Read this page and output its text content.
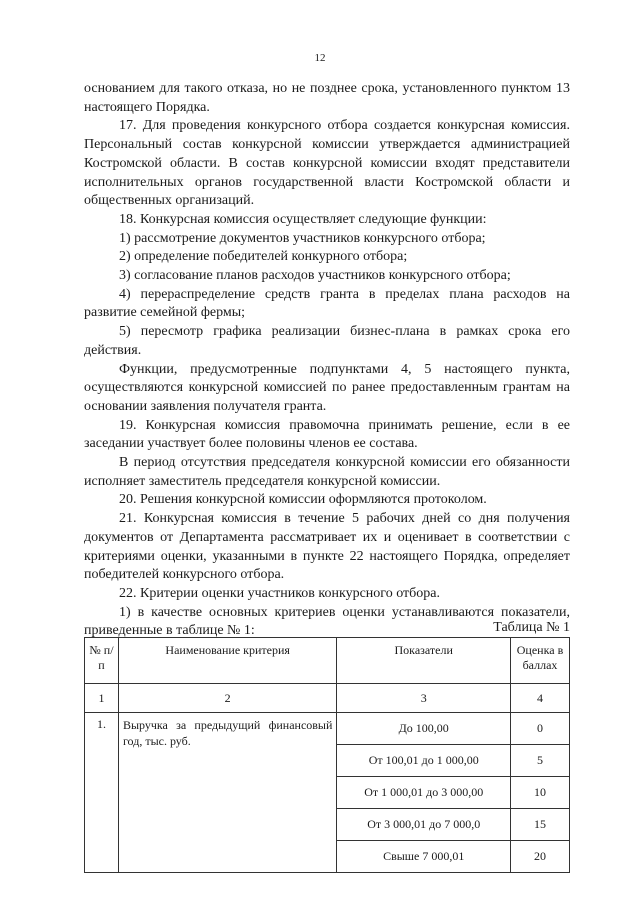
12

основанием для такого отказа, но не позднее срока, установленного пунктом 13 настоящего Порядка.

17. Для проведения конкурсного отбора создается конкурсная комиссия. Персональный состав конкурсной комиссии утверждается администрацией Костромской области. В состав конкурсной комиссии входят представители исполнительных органов государственной власти Костромской области и общественных организаций.

18. Конкурсная комиссия осуществляет следующие функции:

1) рассмотрение документов участников конкурсного отбора;

2) определение победителей конкурного отбора;

3) согласование планов расходов участников конкурсного отбора;

4) перераспределение средств гранта в пределах плана расходов на развитие семейной фермы;

5) пересмотр графика реализации бизнес-плана в рамках срока его действия.

Функции, предусмотренные подпунктами 4, 5 настоящего пункта, осуществляются конкурсной комиссией по ранее предоставленным грантам на основании заявления получателя гранта.

19. Конкурсная комиссия правомочна принимать решение, если в ее заседании участвует более половины членов ее состава.

В период отсутствия председателя конкурсной комиссии его обязанности исполняет заместитель председателя конкурсной комиссии.

20. Решения конкурсной комиссии оформляются протоколом.

21. Конкурсная комиссия в течение 5 рабочих дней со дня получения документов от Департамента рассматривает их и оценивает в соответствии с критериями оценки, указанными в пункте 22 настоящего Порядка, определяет победителей конкурсного отбора.

22. Критерии оценки участников конкурсного отбора.

1) в качестве основных критериев оценки устанавливаются показатели, приведенные в таблице № 1:	Таблица № 1
№ п/п	Наименование критерия	Показатели	Оценка в баллах
1	2	3	4
1.	Выручка за предыдущий финансовый год, тыс. руб.	До 100,00	0
		От 100,01 до 1 000,00	5
		От 1 000,01 до 3 000,00	10
		От 3 000,01 до 7 000,0	15
		Свыше 7 000,01	20
